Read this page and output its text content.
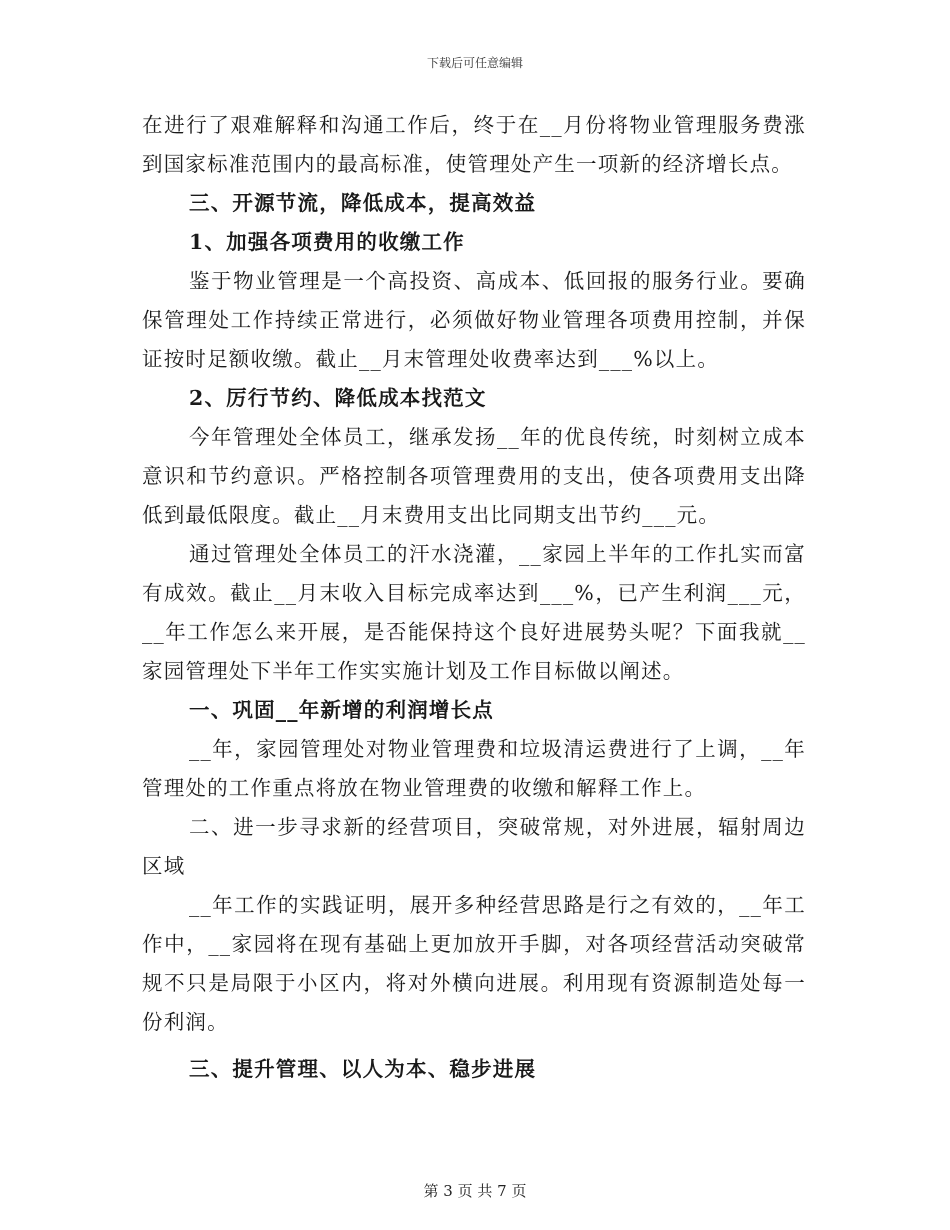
下载后可任意编辑

在进行了艰难解释和沟通工作后，终于在__月份将物业管理服务费涨到国家标准范围内的最高标准，使管理处产生一项新的经济增长点。

三、开源节流，降低成本，提高效益

1、加强各项费用的收缴工作

鉴于物业管理是一个高投资、高成本、低回报的服务行业。要确保管理处工作持续正常进行，必须做好物业管理各项费用控制，并保证按时足额收缴。截止__月末管理处收费率达到___%以上。

2、厉行节约、降低成本找范文

今年管理处全体员工，继承发扬__年的优良传统，时刻树立成本意识和节约意识。严格控制各项管理费用的支出，使各项费用支出降低到最低限度。截止__月末费用支出比同期支出节约___元。

通过管理处全体员工的汗水浇灌，__家园上半年的工作扎实而富有成效。截止__月末收入目标完成率达到___%，已产生利润___元，__年工作怎么来开展，是否能保持这个良好进展势头呢？下面我就__家园管理处下半年工作实实施计划及工作目标做以阐述。

一、巩固__年新增的利润增长点

__年，家园管理处对物业管理费和垃圾清运费进行了上调，__年管理处的工作重点将放在物业管理费的收缴和解释工作上。

二、进一步寻求新的经营项目，突破常规，对外进展，辐射周边区域

__年工作的实践证明，展开多种经营思路是行之有效的，__年工作中，__家园将在现有基础上更加放开手脚，对各项经营活动突破常规不只是局限于小区内，将对外横向进展。利用现有资源制造处每一份利润。

三、提升管理、以人为本、稳步进展

第 3 页 共 7 页
